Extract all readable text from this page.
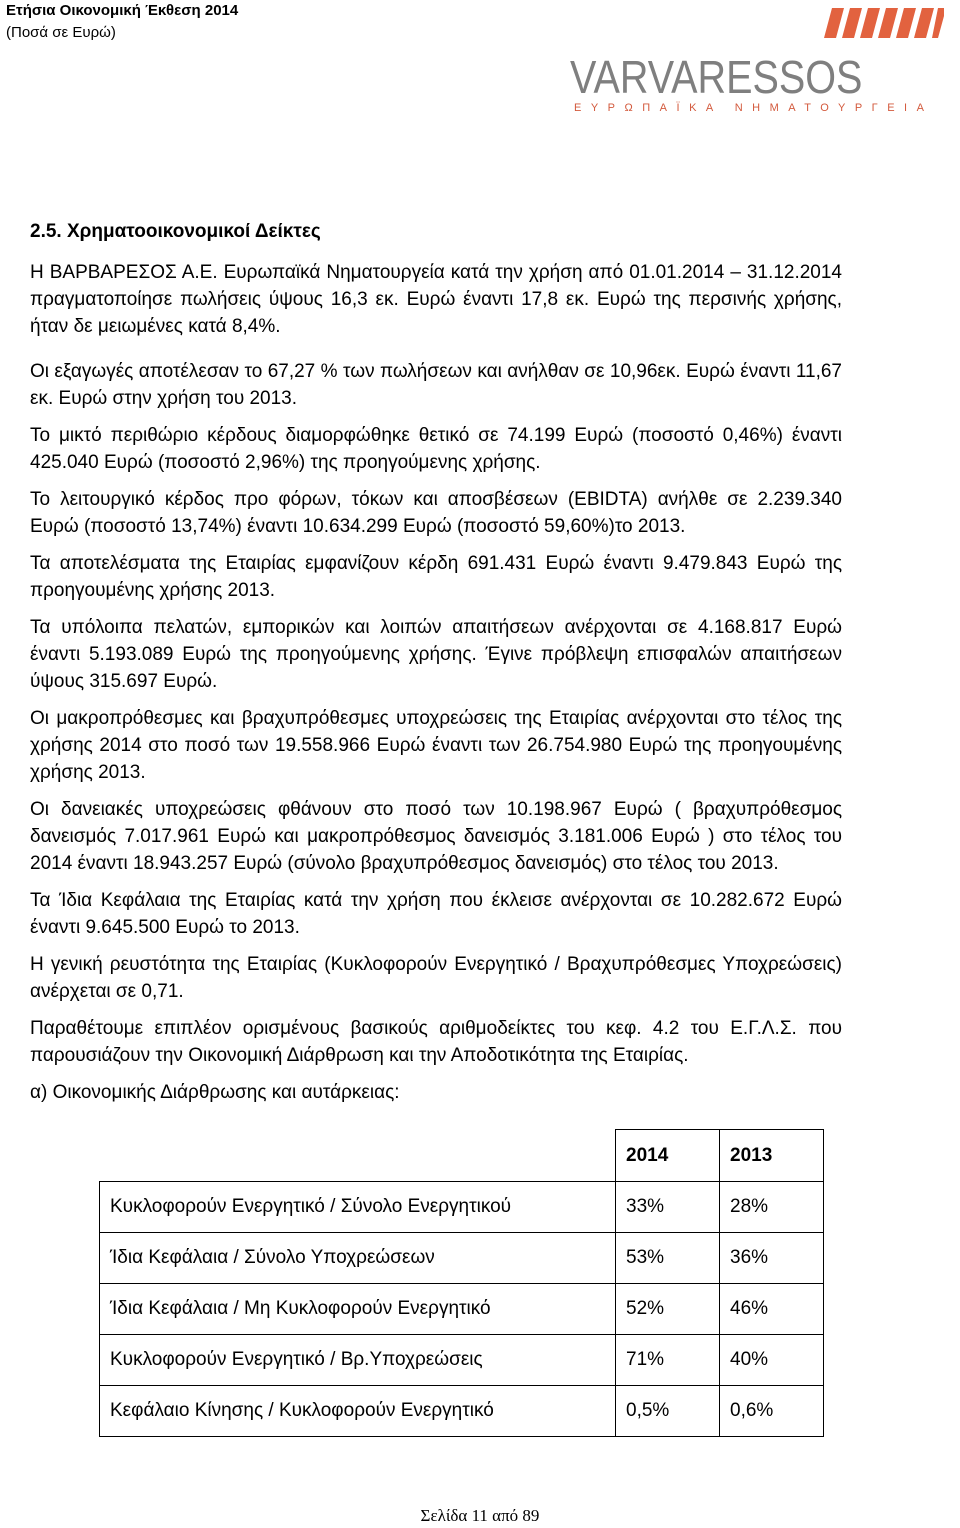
Ετήσια Οικονομική Έκθεση 2014
(Ποσά σε Ευρώ)
VARVARESSOS
ΕΥΡΩΠΑΪΚΑ ΝΗΜΑΤΟΥΡΓΕΙΑ
2.5. Χρηματοοικονομικοί Δείκτες

Η ΒΑΡΒΑΡΕΣΟΣ Α.Ε. Ευρωπαϊκά Νηματουργεία κατά την χρήση από 01.01.2014 – 31.12.2014 πραγματοποίησε πωλήσεις ύψους 16,3 εκ. Ευρώ έναντι 17,8 εκ. Ευρώ της περσινής χρήσης, ήταν δε μειωμένες κατά 8,4%.

Οι εξαγωγές αποτέλεσαν το 67,27 % των πωλήσεων και ανήλθαν σε 10,96εκ. Ευρώ έναντι 11,67 εκ. Ευρώ στην χρήση του 2013.

Το μικτό περιθώριο κέρδους διαμορφώθηκε θετικό σε 74.199 Ευρώ (ποσοστό 0,46%) έναντι 425.040 Ευρώ (ποσοστό 2,96%) της προηγούμενης χρήσης.

Το λειτουργικό κέρδος προ φόρων, τόκων και αποσβέσεων (EBIDTA) ανήλθε σε 2.239.340 Ευρώ (ποσοστό 13,74%) έναντι 10.634.299 Ευρώ (ποσοστό 59,60%)το 2013.

Τα αποτελέσματα της Εταιρίας εμφανίζουν κέρδη 691.431 Ευρώ έναντι 9.479.843 Ευρώ της προηγουμένης χρήσης 2013.

Τα υπόλοιπα πελατών, εμπορικών και λοιπών απαιτήσεων ανέρχονται σε 4.168.817 Ευρώ έναντι 5.193.089 Ευρώ της προηγούμενης χρήσης. Έγινε πρόβλεψη επισφαλών απαιτήσεων ύψους 315.697 Ευρώ.

Οι μακροπρόθεσμες και βραχυπρόθεσμες υποχρεώσεις της Εταιρίας ανέρχονται στο τέλος της χρήσης 2014 στο ποσό των 19.558.966 Ευρώ έναντι των 26.754.980 Ευρώ της προηγουμένης χρήσης 2013.

Οι δανειακές υποχρεώσεις φθάνουν στο ποσό των 10.198.967 Ευρώ ( βραχυπρόθεσμος δανεισμός 7.017.961 Ευρώ και μακροπρόθεσμος δανεισμός 3.181.006 Ευρώ ) στο τέλος του 2014 έναντι 18.943.257 Ευρώ (σύνολο βραχυπρόθεσμος δανεισμός) στο τέλος του 2013.

Τα Ίδια Κεφάλαια της Εταιρίας κατά την χρήση που έκλεισε ανέρχονται σε 10.282.672 Ευρώ έναντι 9.645.500 Ευρώ το 2013.

Η γενική ρευστότητα της Εταιρίας (Κυκλοφορούν Ενεργητικό / Βραχυπρόθεσμες Υποχρεώσεις) ανέρχεται σε 0,71.

Παραθέτουμε επιπλέον ορισμένους βασικούς αριθμοδείκτες του κεφ. 4.2 του Ε.Γ.Λ.Σ. που παρουσιάζουν την Οικονομική Διάρθρωση και την Αποδοτικότητα της Εταιρίας.

α) Οικονομικής Διάρθρωσης και αυτάρκειας:

	2014	2013
Κυκλοφορούν Ενεργητικό / Σύνολο Ενεργητικού	33%	28%
Ίδια Κεφάλαια / Σύνολο Υποχρεώσεων	53%	36%
Ίδια Κεφάλαια / Μη Κυκλοφορούν Ενεργητικό	52%	46%
Κυκλοφορούν Ενεργητικό / Βρ.Υποχρεώσεις	71%	40%
Κεφάλαιο Κίνησης / Κυκλοφορούν Ενεργητικό	0,5%	0,6%
Σελίδα 11 από 89
